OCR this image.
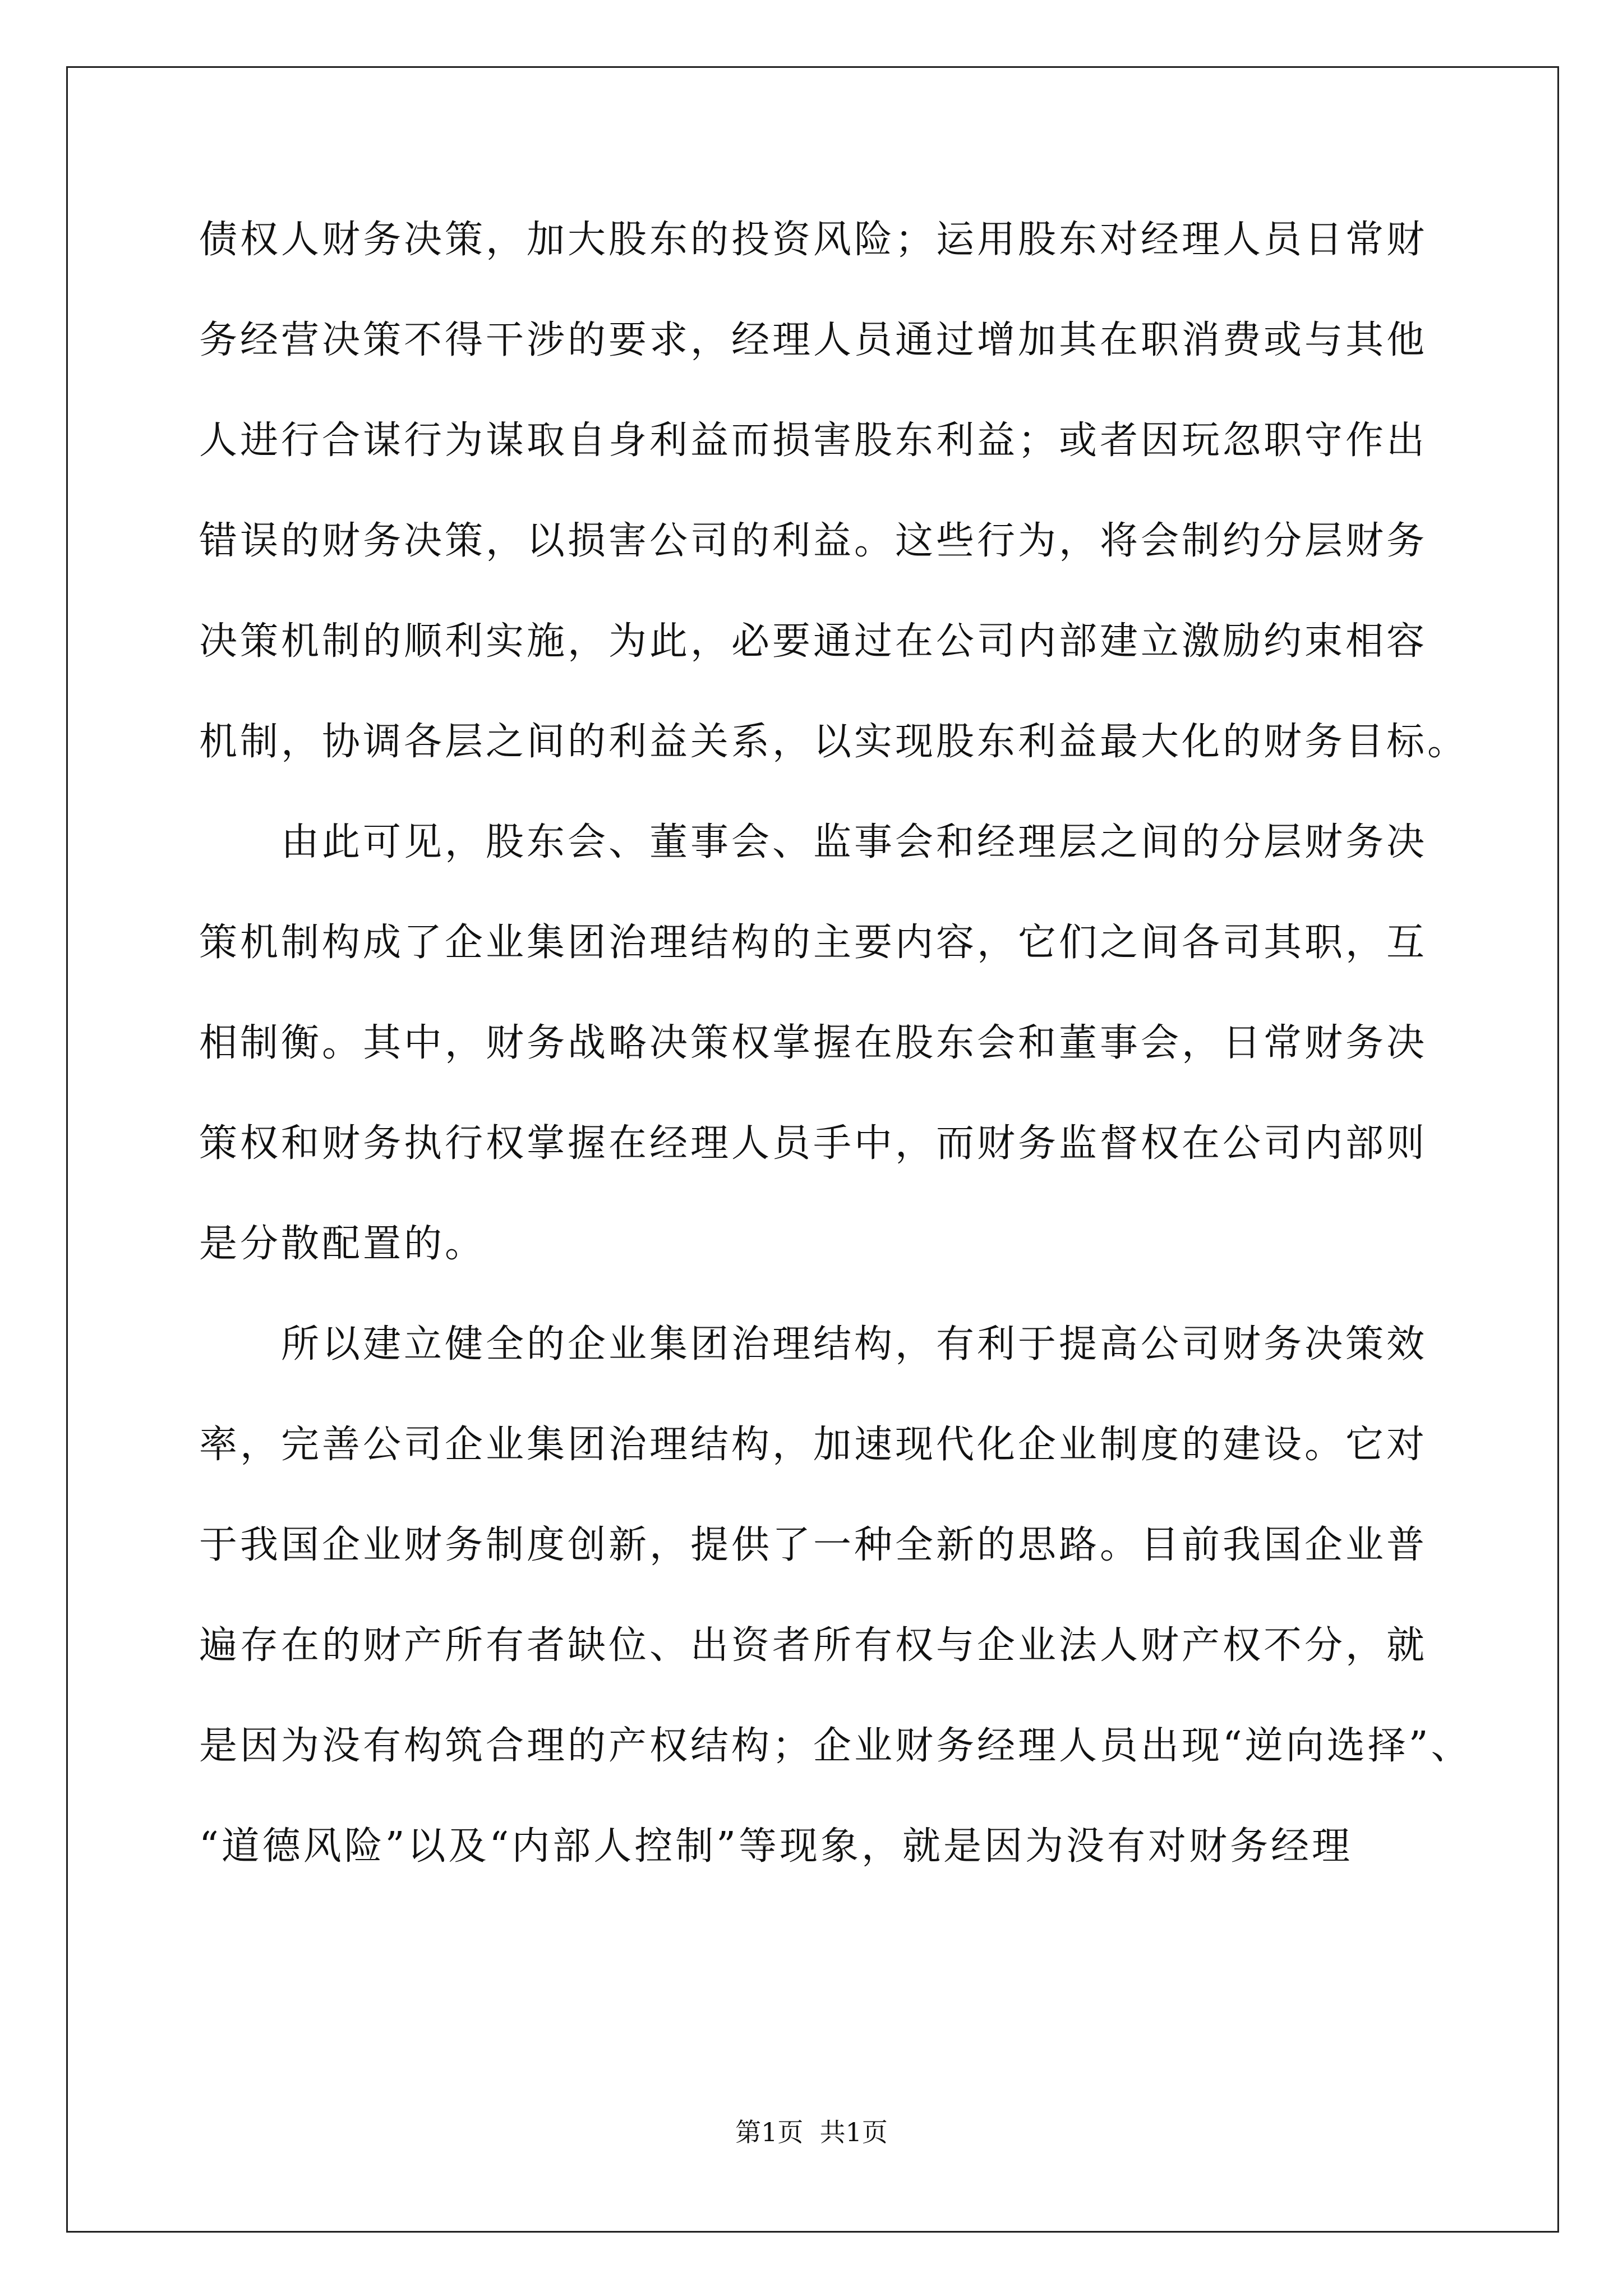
债权人财务决策，加大股东的投资风险；运用股东对经理人员日常财
务经营决策不得干涉的要求，经理人员通过增加其在职消费或与其他
人进行合谋行为谋取自身利益而损害股东利益；或者因玩忽职守作出
错误的财务决策，以损害公司的利益。这些行为，将会制约分层财务
决策机制的顺利实施，为此，必要通过在公司内部建立激励约束相容
机制，协调各层之间的利益关系，以实现股东利益最大化的财务目标。
　　由此可见，股东会、董事会、监事会和经理层之间的分层财务决
策机制构成了企业集团治理结构的主要内容，它们之间各司其职，互
相制衡。其中，财务战略决策权掌握在股东会和董事会，日常财务决
策权和财务执行权掌握在经理人员手中，而财务监督权在公司内部则
是分散配置的。
　　所以建立健全的企业集团治理结构，有利于提高公司财务决策效
率，完善公司企业集团治理结构，加速现代化企业制度的建设。它对
于我国企业财务制度创新，提供了一种全新的思路。目前我国企业普
遍存在的财产所有者缺位、出资者所有权与企业法人财产权不分，就
是因为没有构筑合理的产权结构；企业财务经理人员出现“逆向选择”、
“道德风险”以及“内部人控制”等现象，就是因为没有对财务经理
第1页  共1页
